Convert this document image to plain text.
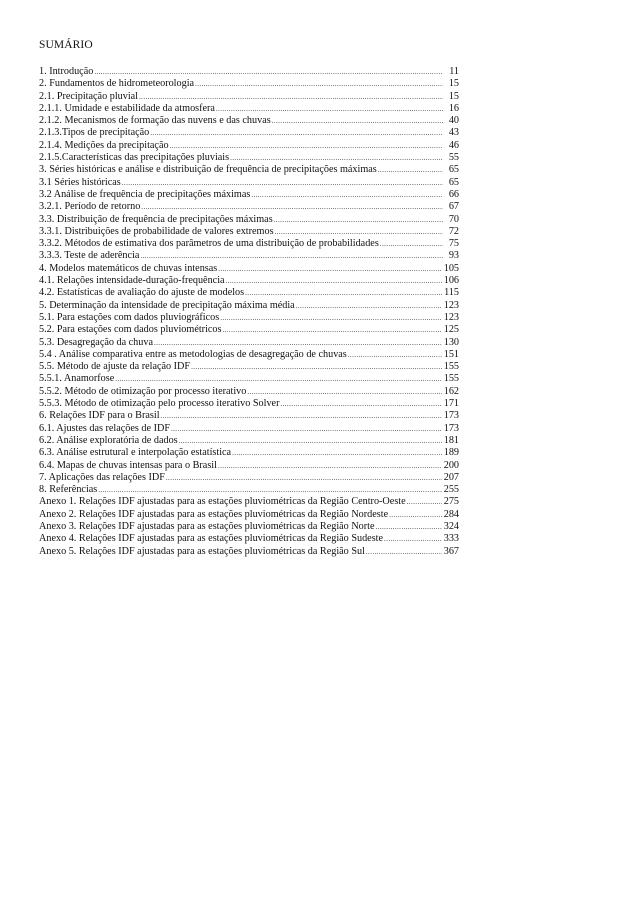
SUMÁRIO
1. Introdução .....	11
2. Fundamentos de hidrometeorologia .....	15
2.1. Precipitação pluvial .....	15
2.1.1. Umidade e estabilidade da atmosfera .....	16
2.1.2. Mecanismos de formação das nuvens e das chuvas .....	40
2.1.3.Tipos de precipitação .....	43
2.1.4. Medições da precipitação .....	46
2.1.5.Características das precipitações pluviais .....	55
3. Séries históricas e análise e distribuição de frequência de precipitações máximas .....	65
3.1 Séries históricas .....	65
3.2 Análise de frequência de precipitações máximas .....	66
3.2.1. Período de retorno .....	67
3.3. Distribuição de frequência de precipitações máximas .....	70
3.3.1. Distribuições de probabilidade de valores extremos .....	72
3.3.2. Métodos de estimativa dos parâmetros de uma distribuição de probabilidades .....	75
3.3.3. Teste de aderência .....	93
4. Modelos matemáticos de chuvas intensas .....	105
4.1. Relações intensidade-duração-frequência .....	106
4.2. Estatísticas de avaliação do ajuste de modelos .....	115
5. Determinação da intensidade de precipitação máxima média .....	123
5.1. Para estações com dados pluviográficos .....	123
5.2. Para estações com dados pluviométricos .....	125
5.3. Desagregação da chuva .....	130
5.4 . Análise comparativa entre as metodologias de desagregação de chuvas .....	151
5.5. Método de ajuste da relação IDF .....	155
5.5.1. Anamorfose .....	155
5.5.2. Método de otimização por processo iterativo .....	162
5.5.3. Método de otimização pelo processo iterativo Solver .....	171
6. Relações IDF para o Brasil .....	173
6.1. Ajustes das relações de IDF .....	173
6.2. Análise exploratória de dados .....	181
6.3. Análise estrutural e interpolação estatística .....	189
6.4. Mapas de chuvas intensas para o Brasil .....	200
7. Aplicações das relações IDF .....	207
8. Referências .....	255
Anexo 1. Relações IDF ajustadas para as estações pluviométricas da Região Centro-Oeste .....	275
Anexo 2. Relações IDF ajustadas para as estações pluviométricas da Região Nordeste .....	284
Anexo 3. Relações IDF ajustadas para as estações pluviométricas da Região Norte .....	324
Anexo 4. Relações IDF ajustadas para as estações pluviométricas da Região Sudeste .....	333
Anexo 5. Relações IDF ajustadas para as estações pluviométricas da Região Sul .....	367
